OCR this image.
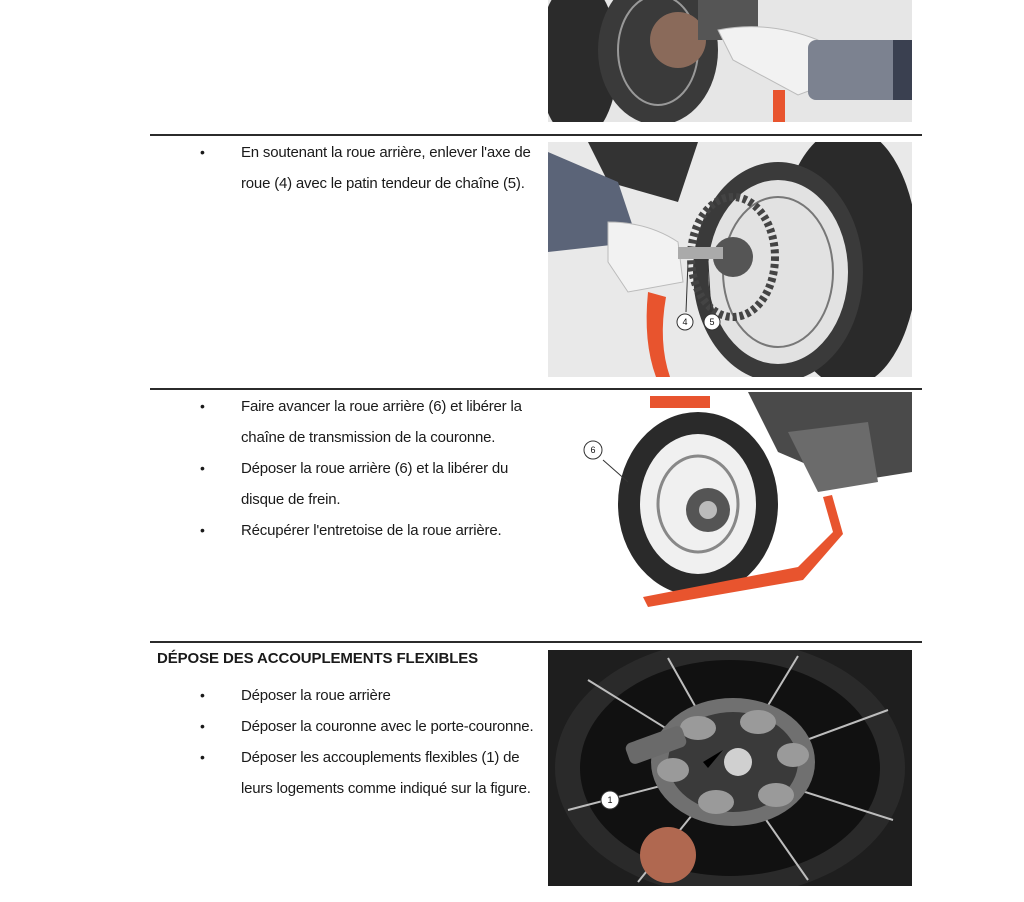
• En soutenant la roue arrière, enlever l'axe de roue (4) avec le patin tendeur de chaîne (5).
4 5
• Faire avancer la roue arrière (6) et libérer la chaîne de transmission de la couronne.
• Déposer la roue arrière (6) et la libérer du disque de frein.
• Récupérer l'entretoise de la roue arrière.
6
DÉPOSE DES ACCOUPLEMENTS FLEXIBLES
• Déposer la roue arrière
• Déposer la couronne avec le porte-couronne.
• Déposer les accouplements flexibles (1) de leurs logements comme indiqué sur la figure.
1
